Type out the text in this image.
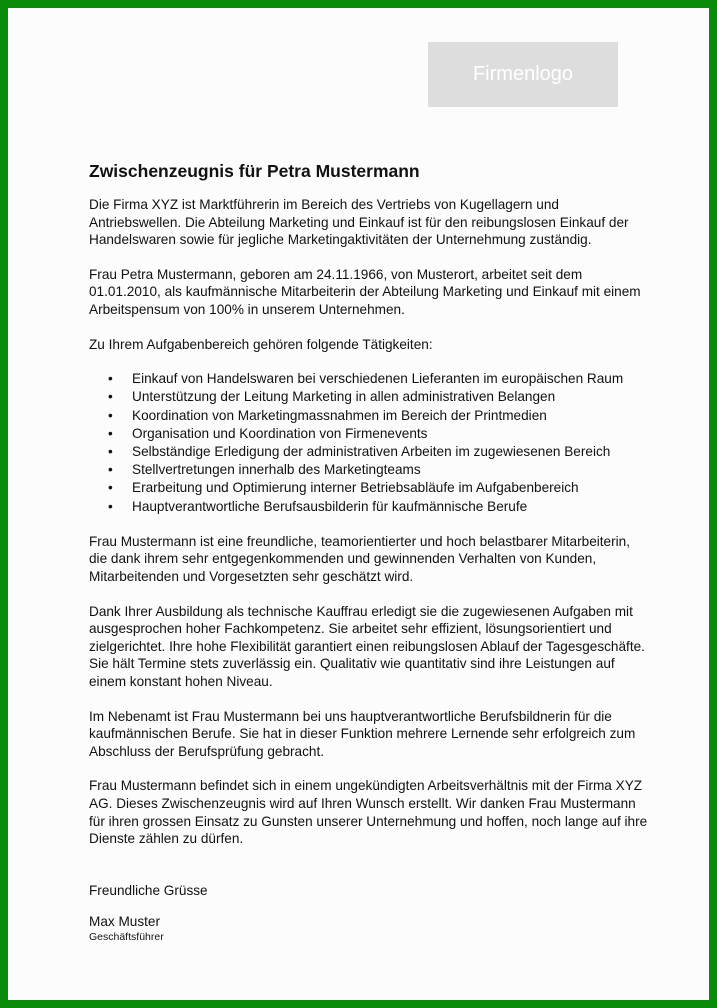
Firmenlogo
Zwischenzeugnis für Petra Mustermann

Die Firma XYZ ist Marktführerin im Bereich des Vertriebs von Kugellagern und Antriebswellen. Die Abteilung Marketing und Einkauf ist für den reibungslosen Einkauf der Handelswaren sowie für jegliche Marketingaktivitäten der Unternehmung zuständig.

Frau Petra Mustermann, geboren am 24.11.1966, von Musterort, arbeitet seit dem 01.01.2010, als kaufmännische Mitarbeiterin der Abteilung Marketing und Einkauf mit einem Arbeitspensum von 100% in unserem Unternehmen.

Zu Ihrem Aufgabenbereich gehören folgende Tätigkeiten:

• Einkauf von Handelswaren bei verschiedenen Lieferanten im europäischen Raum
• Unterstützung der Leitung Marketing in allen administrativen Belangen
• Koordination von Marketingmassnahmen im Bereich der Printmedien
• Organisation und Koordination von Firmenevents
• Selbständige Erledigung der administrativen Arbeiten im zugewiesenen Bereich
• Stellvertretungen innerhalb des Marketingteams
• Erarbeitung und Optimierung interner Betriebsabläufe im Aufgabenbereich
• Hauptverantwortliche Berufsausbilderin für kaufmännische Berufe

Frau Mustermann ist eine freundliche, teamorientierter und hoch belastbarer Mitarbeiterin, die dank ihrem sehr entgegenkommenden und gewinnenden Verhalten von Kunden, Mitarbeitenden und Vorgesetzten sehr geschätzt wird.

Dank Ihrer Ausbildung als technische Kauffrau erledigt sie die zugewiesenen Aufgaben mit ausgesprochen hoher Fachkompetenz. Sie arbeitet sehr effizient, lösungsorientiert und zielgerichtet. Ihre hohe Flexibilität garantiert einen reibungslosen Ablauf der Tagesgeschäfte. Sie hält Termine stets zuverlässig ein. Qualitativ wie quantitativ sind ihre Leistungen auf einem konstant hohen Niveau.

Im Nebenamt ist Frau Mustermann bei uns hauptverantwortliche Berufsbildnerin für die kaufmännischen Berufe. Sie hat in dieser Funktion mehrere Lernende sehr erfolgreich zum Abschluss der Berufsprüfung gebracht.

Frau Mustermann befindet sich in einem ungekündigten Arbeitsverhältnis mit der Firma XYZ AG. Dieses Zwischenzeugnis wird auf Ihren Wunsch erstellt. Wir danken Frau Mustermann für ihren grossen Einsatz zu Gunsten unserer Unternehmung und hoffen, noch lange auf ihre Dienste zählen zu dürfen.

Freundliche Grüsse

Max Muster

Geschäftsführer
